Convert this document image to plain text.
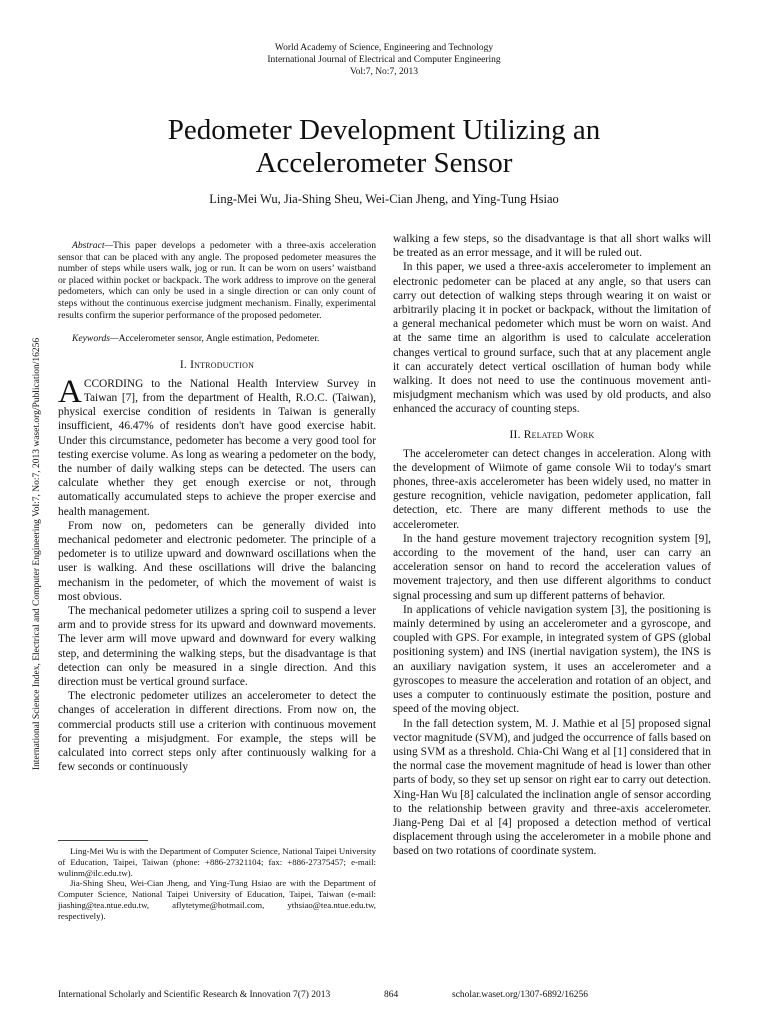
World Academy of Science, Engineering and Technology
International Journal of Electrical and Computer Engineering
Vol:7, No:7, 2013
Pedometer Development Utilizing an
Accelerometer Sensor
Ling-Mei Wu, Jia-Shing Sheu, Wei-Cian Jheng, and Ying-Tung Hsiao
International Science Index, Electrical and Computer Engineering Vol:7, No:7, 2013 waset.org/Publication/16256

Abstract—This paper develops a pedometer with a three-axis acceleration sensor that can be placed with any angle. The proposed pedometer measures the number of steps while users walk, jog or run. It can be worn on users’ waistband or placed within pocket or backpack. The work address to improve on the general pedometers, which can only be used in a single direction or can only count of steps without the continuous exercise judgment mechanism. Finally, experimental results confirm the superior performance of the proposed pedometer.

Keywords—Accelerometer sensor, Angle estimation, Pedometer.

I. Introduction

ACCORDING to the National Health Interview Survey in Taiwan [7], from the department of Health, R.O.C. (Taiwan), physical exercise condition of residents in Taiwan is generally insufficient, 46.47% of residents don't have good exercise habit. Under this circumstance, pedometer has become a very good tool for testing exercise volume. As long as wearing a pedometer on the body, the number of daily walking steps can be detected. The users can calculate whether they get enough exercise or not, through automatically accumulated steps to achieve the proper exercise and health management.

From now on, pedometers can be generally divided into mechanical pedometer and electronic pedometer. The principle of a pedometer is to utilize upward and downward oscillations when the user is walking. And these oscillations will drive the balancing mechanism in the pedometer, of which the movement of waist is most obvious.

The mechanical pedometer utilizes a spring coil to suspend a lever arm and to provide stress for its upward and downward movements. The lever arm will move upward and downward for every walking step, and determining the walking steps, but the disadvantage is that detection can only be measured in a single direction. And this direction must be vertical ground surface.

The electronic pedometer utilizes an accelerometer to detect the changes of acceleration in different directions. From now on, the commercial products still use a criterion with continuous movement for preventing a misjudgment. For example, the steps will be calculated into correct steps only after continuously walking for a few seconds or continuously

Ling-Mei Wu is with the Department of Computer Science, National Taipei University of Education, Taipei, Taiwan (phone: +886-27321104; fax: +886-27375457; e-mail: wulinm@ilc.edu.tw).

Jia-Shing Sheu, Wei-Cian Jheng, and Ying-Tung Hsiao are with the Department of Computer Science, National Taipei University of Education, Taipei, Taiwan (e-mail: jiashing@tea.ntue.edu.tw, aflytetyme@hotmail.com, ythsiao@tea.ntue.edu.tw, respectively).

walking a few steps, so the disadvantage is that all short walks will be treated as an error message, and it will be ruled out.

In this paper, we used a three-axis accelerometer to implement an electronic pedometer can be placed at any angle, so that users can carry out detection of walking steps through wearing it on waist or arbitrarily placing it in pocket or backpack, without the limitation of a general mechanical pedometer which must be worn on waist. And at the same time an algorithm is used to calculate acceleration changes vertical to ground surface, such that at any placement angle it can accurately detect vertical oscillation of human body while walking. It does not need to use the continuous movement anti-misjudgment mechanism which was used by old products, and also enhanced the accuracy of counting steps.

II. Related Work

The accelerometer can detect changes in acceleration. Along with the development of Wiimote of game console Wii to today's smart phones, three-axis accelerometer has been widely used, no matter in gesture recognition, vehicle navigation, pedometer application, fall detection, etc. There are many different methods to use the accelerometer.

In the hand gesture movement trajectory recognition system [9], according to the movement of the hand, user can carry an acceleration sensor on hand to record the acceleration values of movement trajectory, and then use different algorithms to conduct signal processing and sum up different patterns of behavior.

In applications of vehicle navigation system [3], the positioning is mainly determined by using an accelerometer and a gyroscope, and coupled with GPS. For example, in integrated system of GPS (global positioning system) and INS (inertial navigation system), the INS is an auxiliary navigation system, it uses an accelerometer and a gyroscopes to measure the acceleration and rotation of an object, and uses a computer to continuously estimate the position, posture and speed of the moving object.

In the fall detection system, M. J. Mathie et al [5] proposed signal vector magnitude (SVM), and judged the occurrence of falls based on using SVM as a threshold. Chia-Chi Wang et al [1] considered that in the normal case the movement magnitude of head is lower than other parts of body, so they set up sensor on right ear to carry out detection. Xing-Han Wu [8] calculated the inclination angle of sensor according to the relationship between gravity and three-axis accelerometer. Jiang-Peng Dai et al [4] proposed a detection method of vertical displacement through using the accelerometer in a mobile phone and based on two rotations of coordinate system.

International Scholarly and Scientific Research & Innovation 7(7) 2013	864	scholar.waset.org/1307-6892/16256
